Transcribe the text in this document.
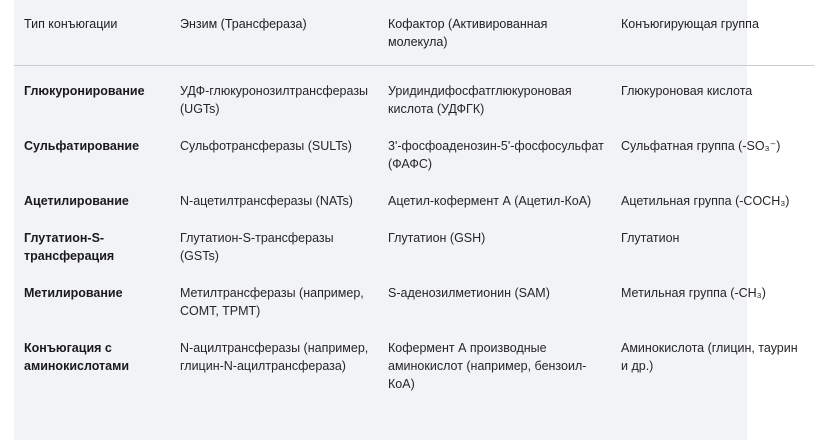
Тип конъюгации	Энзим (Трансфераза)	Кофактор (Активированная молекула)	Конъюгирующая группа
Глюкуронирование	УДФ-глюкуронозилтрансферазы (UGTs)	Уридиндифосфатглюкуроновая кислота (УДФГК)	Глюкуроновая кислота
Сульфатирование	Сульфотрансферазы (SULTs)	3'-фосфоаденозин-5'-фосфосульфат (ФАФС)	Сульфатная группа (-SO₃⁻)
Ацетилирование	N-ацетилтрансферазы (NATs)	Ацетил-кофермент А (Ацетил-КоА)	Ацетильная группа (-COCH₃)
Глутатион-S-трансферация	Глутатион-S-трансферазы (GSTs)	Глутатион (GSH)	Глутатион
Метилирование	Метилтрансферазы (например, COMT, TPMT)	S-аденозилметионин (SAM)	Метильная группа (-CH₃)
Конъюгация с аминокислотами	N-ацилтрансферазы (например, глицин-N-ацилтрансфераза)	Кофермент А производные аминокислот (например, бензоил-КоА)	Аминокислота (глицин, таурин и др.)
